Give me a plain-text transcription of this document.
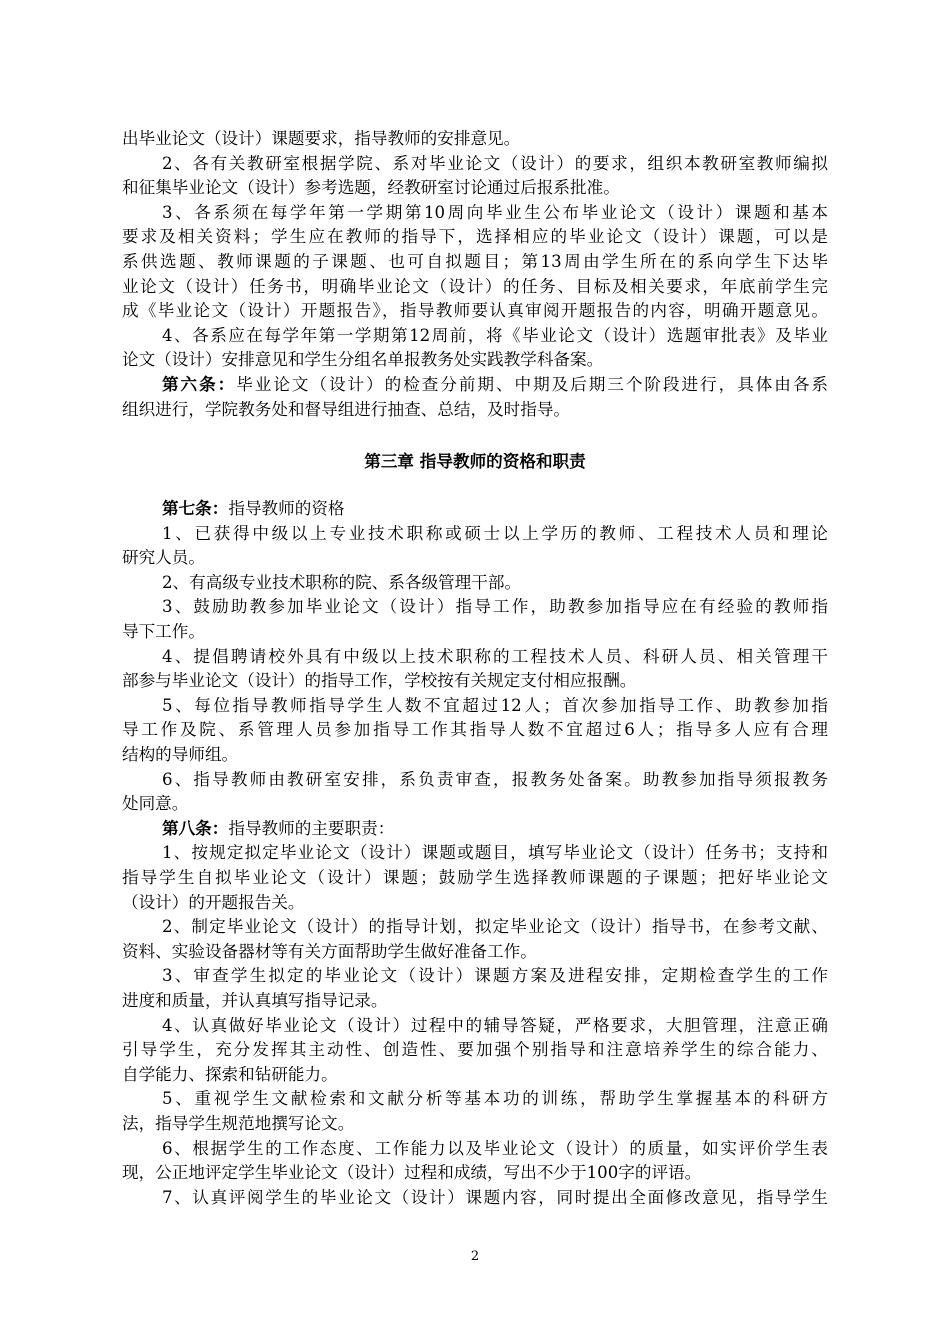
第三章 指导教师的资格和职责
2
出毕业论文（设计）课题要求，指导教师的安排意见。
2、各有关教研室根据学院、系对毕业论文（设计）的要求，组织本教研室教师编拟
和征集毕业论文（设计）参考选题，经教研室讨论通过后报系批准。
3、各系须在每学年第一学期第10周向毕业生公布毕业论文（设计）课题和基本
要求及相关资料；学生应在教师的指导下，选择相应的毕业论文（设计）课题，可以是
系供选题、教师课题的子课题、也可自拟题目；第13周由学生所在的系向学生下达毕
业论文（设计）任务书，明确毕业论文（设计）的任务、目标及相关要求，年底前学生完
成《毕业论文（设计）开题报告》，指导教师要认真审阅开题报告的内容，明确开题意见。
4、各系应在每学年第一学期第12周前，将《毕业论文（设计）选题审批表》及毕业
论文（设计）安排意见和学生分组名单报教务处实践教学科备案。
第六条：毕业论文（设计）的检查分前期、中期及后期三个阶段进行，具体由各系
组织进行，学院教务处和督导组进行抽查、总结，及时指导。
第七条：指导教师的资格
1、已获得中级以上专业技术职称或硕士以上学历的教师、工程技术人员和理论
研究人员。
2、有高级专业技术职称的院、系各级管理干部。
3、鼓励助教参加毕业论文（设计）指导工作，助教参加指导应在有经验的教师指
导下工作。
4、提倡聘请校外具有中级以上技术职称的工程技术人员、科研人员、相关管理干
部参与毕业论文（设计）的指导工作，学校按有关规定支付相应报酬。
5、每位指导教师指导学生人数不宜超过12人；首次参加指导工作、助教参加指
导工作及院、系管理人员参加指导工作其指导人数不宜超过6人；指导多人应有合理
结构的导师组。
6、指导教师由教研室安排，系负责审查，报教务处备案。助教参加指导须报教务
处同意。
第八条：指导教师的主要职责：
1、按规定拟定毕业论文（设计）课题或题目，填写毕业论文（设计）任务书；支持和
指导学生自拟毕业论文（设计）课题；鼓励学生选择教师课题的子课题；把好毕业论文
（设计）的开题报告关。
2、制定毕业论文（设计）的指导计划，拟定毕业论文（设计）指导书，在参考文献、
资料、实验设备器材等有关方面帮助学生做好准备工作。
3、审查学生拟定的毕业论文（设计）课题方案及进程安排，定期检查学生的工作
进度和质量，并认真填写指导记录。
4、认真做好毕业论文（设计）过程中的辅导答疑，严格要求，大胆管理，注意正确
引导学生，充分发挥其主动性、创造性、要加强个别指导和注意培养学生的综合能力、
自学能力、探索和钻研能力。
5、重视学生文献检索和文献分析等基本功的训练，帮助学生掌握基本的科研方
法，指导学生规范地撰写论文。
6、根据学生的工作态度、工作能力以及毕业论文（设计）的质量，如实评价学生表
现，公正地评定学生毕业论文（设计）过程和成绩，写出不少于100字的评语。
7、认真评阅学生的毕业论文（设计）课题内容，同时提出全面修改意见，指导学生
